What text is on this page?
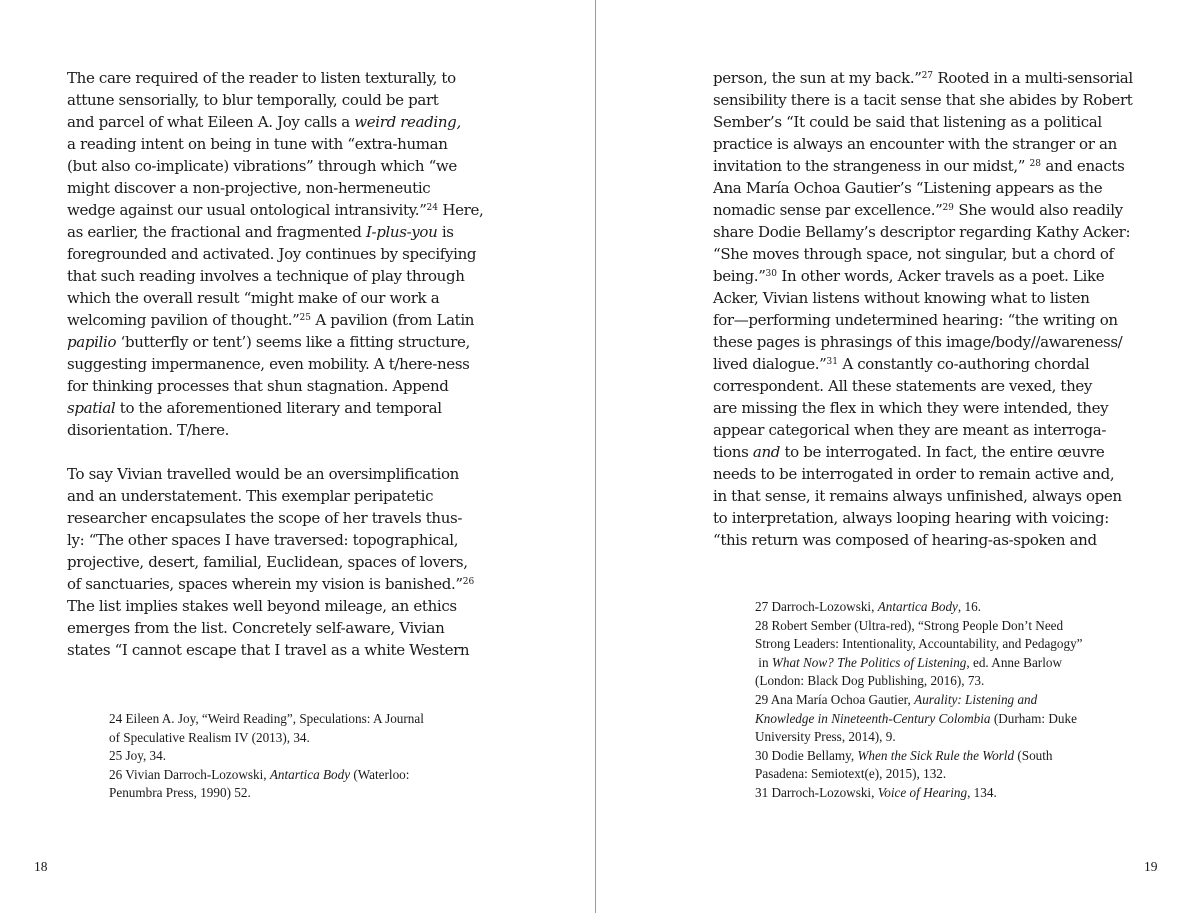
The care required of the reader to listen texturally, to
attune sensorially, to blur temporally, could be part
and parcel of what Eileen A. Joy calls a weird reading,
a reading intent on being in tune with “extra-human
(but also co-implicate) vibrations” through which “we
might discover a non-projective, non-hermeneutic
wedge against our usual ontological intransivity.”$^{24}$ Here,
as earlier, the fractional and fragmented I-plus-you is
foregrounded and activated. Joy continues by specifying
that such reading involves a technique of play through
which the overall result “might make of our work a
welcoming pavilion of thought.”$^{25}$ A pavilion (from Latin
papilio ‘butterfly or tent’) seems like a fitting structure,
suggesting impermanence, even mobility. A t/here-ness
for thinking processes that shun stagnation. Append
spatial to the aforementioned literary and temporal
disorientation. T/here.
To say Vivian travelled would be an oversimplification
and an understatement. This exemplar peripatetic
researcher encapsulates the scope of her travels thus-
ly: “The other spaces I have traversed: topographical,
projective, desert, familial, Euclidean, spaces of lovers,
of sanctuaries, spaces wherein my vision is banished.”$^{26}$
The list implies stakes well beyond mileage, an ethics
emerges from the list. Concretely self-aware, Vivian
states “I cannot escape that I travel as a white Western
24 Eileen A. Joy, “Weird Reading”, Speculations: A Journal
of Speculative Realism IV (2013), 34.
25 Joy, 34.
26 Vivian Darroch-Lozowski, Antartica Body (Waterloo:
Penumbra Press, 1990) 52.
18
person, the sun at my back.”$^{27}$ Rooted in a multi-sensorial
sensibility there is a tacit sense that she abides by Robert
Sember’s “It could be said that listening as a political
practice is always an encounter with the stranger or an
invitation to the strangeness in our midst,” $^{28}$ and enacts
Ana María Ochoa Gautier’s “Listening appears as the
nomadic sense par excellence.”$^{29}$ She would also readily
share Dodie Bellamy’s descriptor regarding Kathy Acker:
“She moves through space, not singular, but a chord of
being.”$^{30}$ In other words, Acker travels as a poet. Like
Acker, Vivian listens without knowing what to listen
for—performing undetermined hearing: “the writing on
these pages is phrasings of this image/body//awareness/
lived dialogue.”$^{31}$ A constantly co-authoring chordal
correspondent. All these statements are vexed, they
are missing the flex in which they were intended, they
appear categorical when they are meant as interroga-
tions and to be interrogated. In fact, the entire œuvre
needs to be interrogated in order to remain active and,
in that sense, it remains always unfinished, always open
to interpretation, always looping hearing with voicing:
“this return was composed of hearing-as-spoken and
27 Darroch-Lozowski, Antartica Body, 16.
28 Robert Sember (Ultra-red), “Strong People Don’t Need
Strong Leaders: Intentionality, Accountability, and Pedagogy”
in What Now? The Politics of Listening, ed. Anne Barlow
(London: Black Dog Publishing, 2016), 73.
29 Ana María Ochoa Gautier, Aurality: Listening and
Knowledge in Nineteenth-Century Colombia (Durham: Duke
University Press, 2014), 9.
30 Dodie Bellamy, When the Sick Rule the World (South
Pasadena: Semiotext(e), 2015), 132.
31 Darroch-Lozowski, Voice of Hearing, 134.
19
